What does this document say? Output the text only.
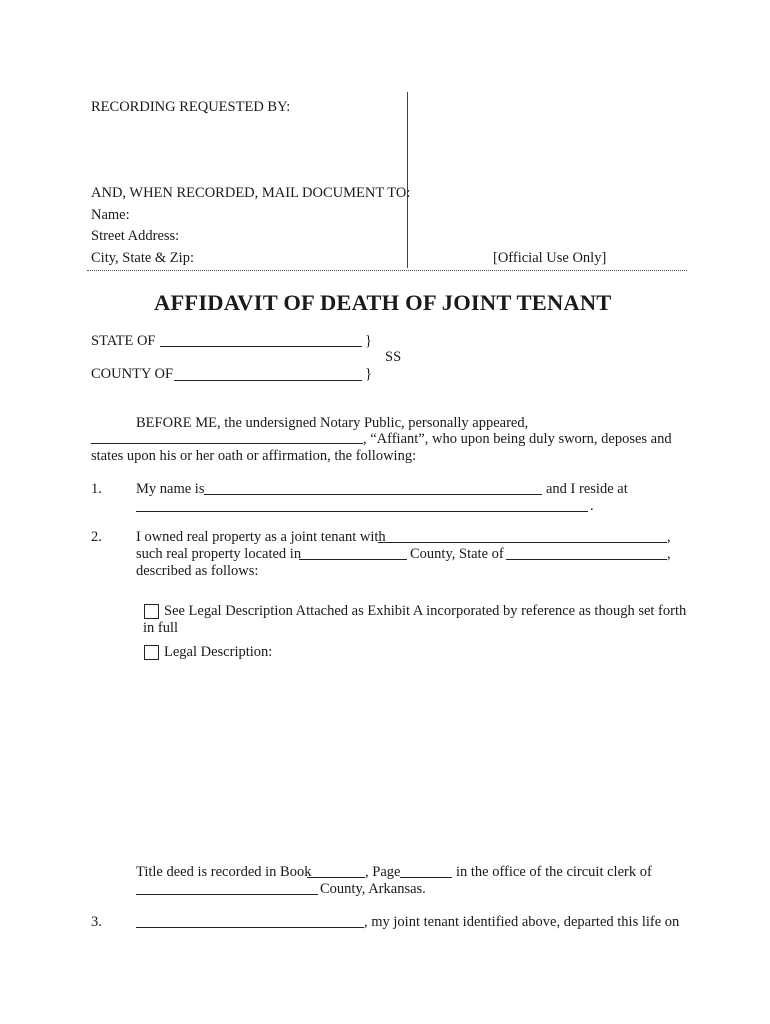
RECORDING REQUESTED BY:
AND, WHEN RECORDED, MAIL DOCUMENT TO:
Name:
Street Address:
City, State & Zip:	[Official Use Only]
AFFIDAVIT OF DEATH OF JOINT TENANT
STATE OF	}
SS
COUNTY OF	}
BEFORE ME, the undersigned Notary Public, personally appeared,
, “Affiant”, who upon being duly sworn, deposes and
states upon his or her oath or affirmation, the following:
1. My name is	and I reside at
.
2. I owned real property as a joint tenant with	,
such real property located in	County, State of	,
described as follows:
See Legal Description Attached as Exhibit A incorporated by reference as though set forth
in full
Legal Description:
Title deed is recorded in Book	, Page	in the office of the circuit clerk of
County, Arkansas.
3.	, my joint tenant identified above, departed this life on
